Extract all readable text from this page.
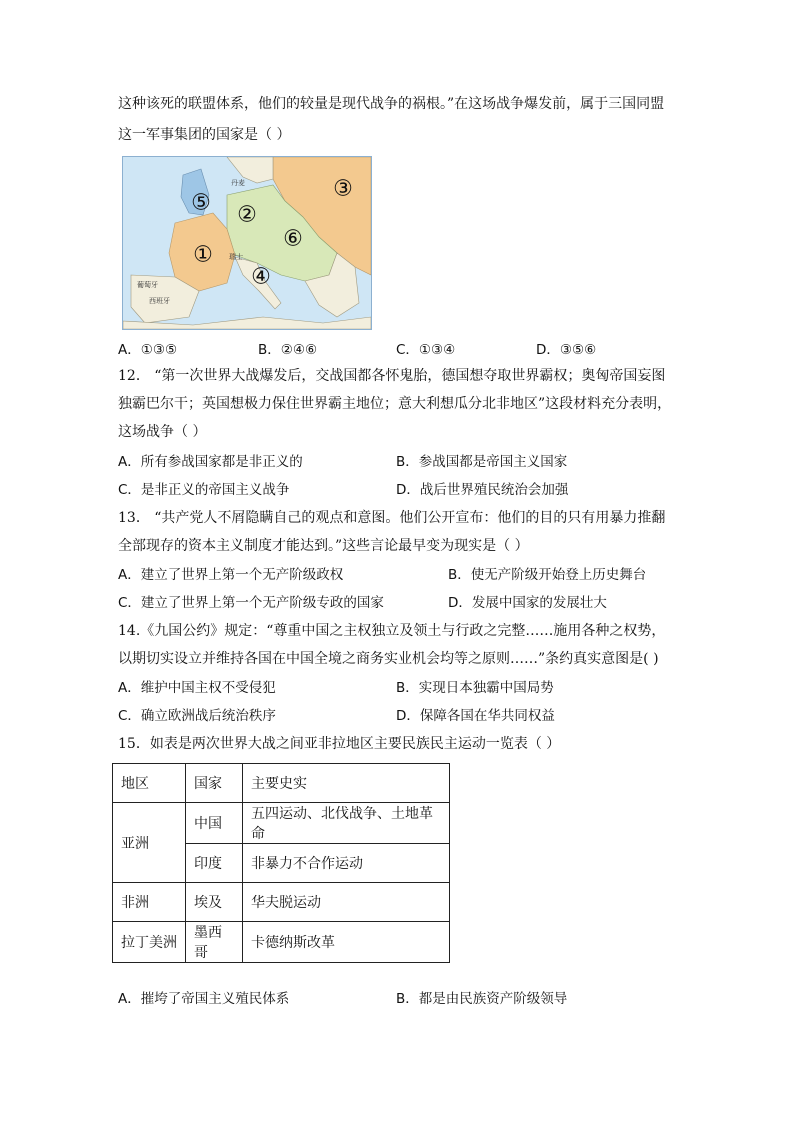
这种该死的联盟体系，他们的较量是现代战争的祸根。”在这场战争爆发前，属于三国同盟
这一军事集团的国家是（ ）
⑤ ②
③
⑥
①
④
丹麦
瑞士
葡萄牙
西班牙
A．①③⑤	B．②④⑥	C．①③④	D．③⑤⑥
12． “第一次世界大战爆发后，交战国都各怀鬼胎，德国想夺取世界霸权；奥匈帝国妄图
独霸巴尔干；英国想极力保住世界霸主地位；意大利想瓜分北非地区”这段材料充分表明，
这场战争（ ）
A．所有参战国家都是非正义的	B．参战国都是帝国主义国家
C．是非正义的帝国主义战争	D．战后世界殖民统治会加强
13． “共产党人不屑隐瞒自己的观点和意图。他们公开宣布：他们的目的只有用暴力推翻
全部现存的资本主义制度才能达到。”这些言论最早变为现实是（ ）
A．建立了世界上第一个无产阶级政权	B．使无产阶级开始登上历史舞台
C．建立了世界上第一个无产阶级专政的国家	D．发展中国家的发展壮大
14.《九国公约》规定：“尊重中国之主权独立及领土与行政之完整……施用各种之权势，
以期切实设立并维持各国在中国全境之商务实业机会均等之原则……”条约真实意图是( )
A．维护中国主权不受侵犯	B．实现日本独霸中国局势
C．确立欧洲战后统治秩序	D．保障各国在华共同权益
15．如表是两次世界大战之间亚非拉地区主要民族民主运动一览表（ ）
地区	国家	主要史实
亚洲	中国	五四运动、北伐战争、土地革命
	印度	非暴力不合作运动
非洲	埃及	华夫脱运动
拉丁美洲	墨西哥	卡德纳斯改革
A．摧垮了帝国主义殖民体系	B．都是由民族资产阶级领导
